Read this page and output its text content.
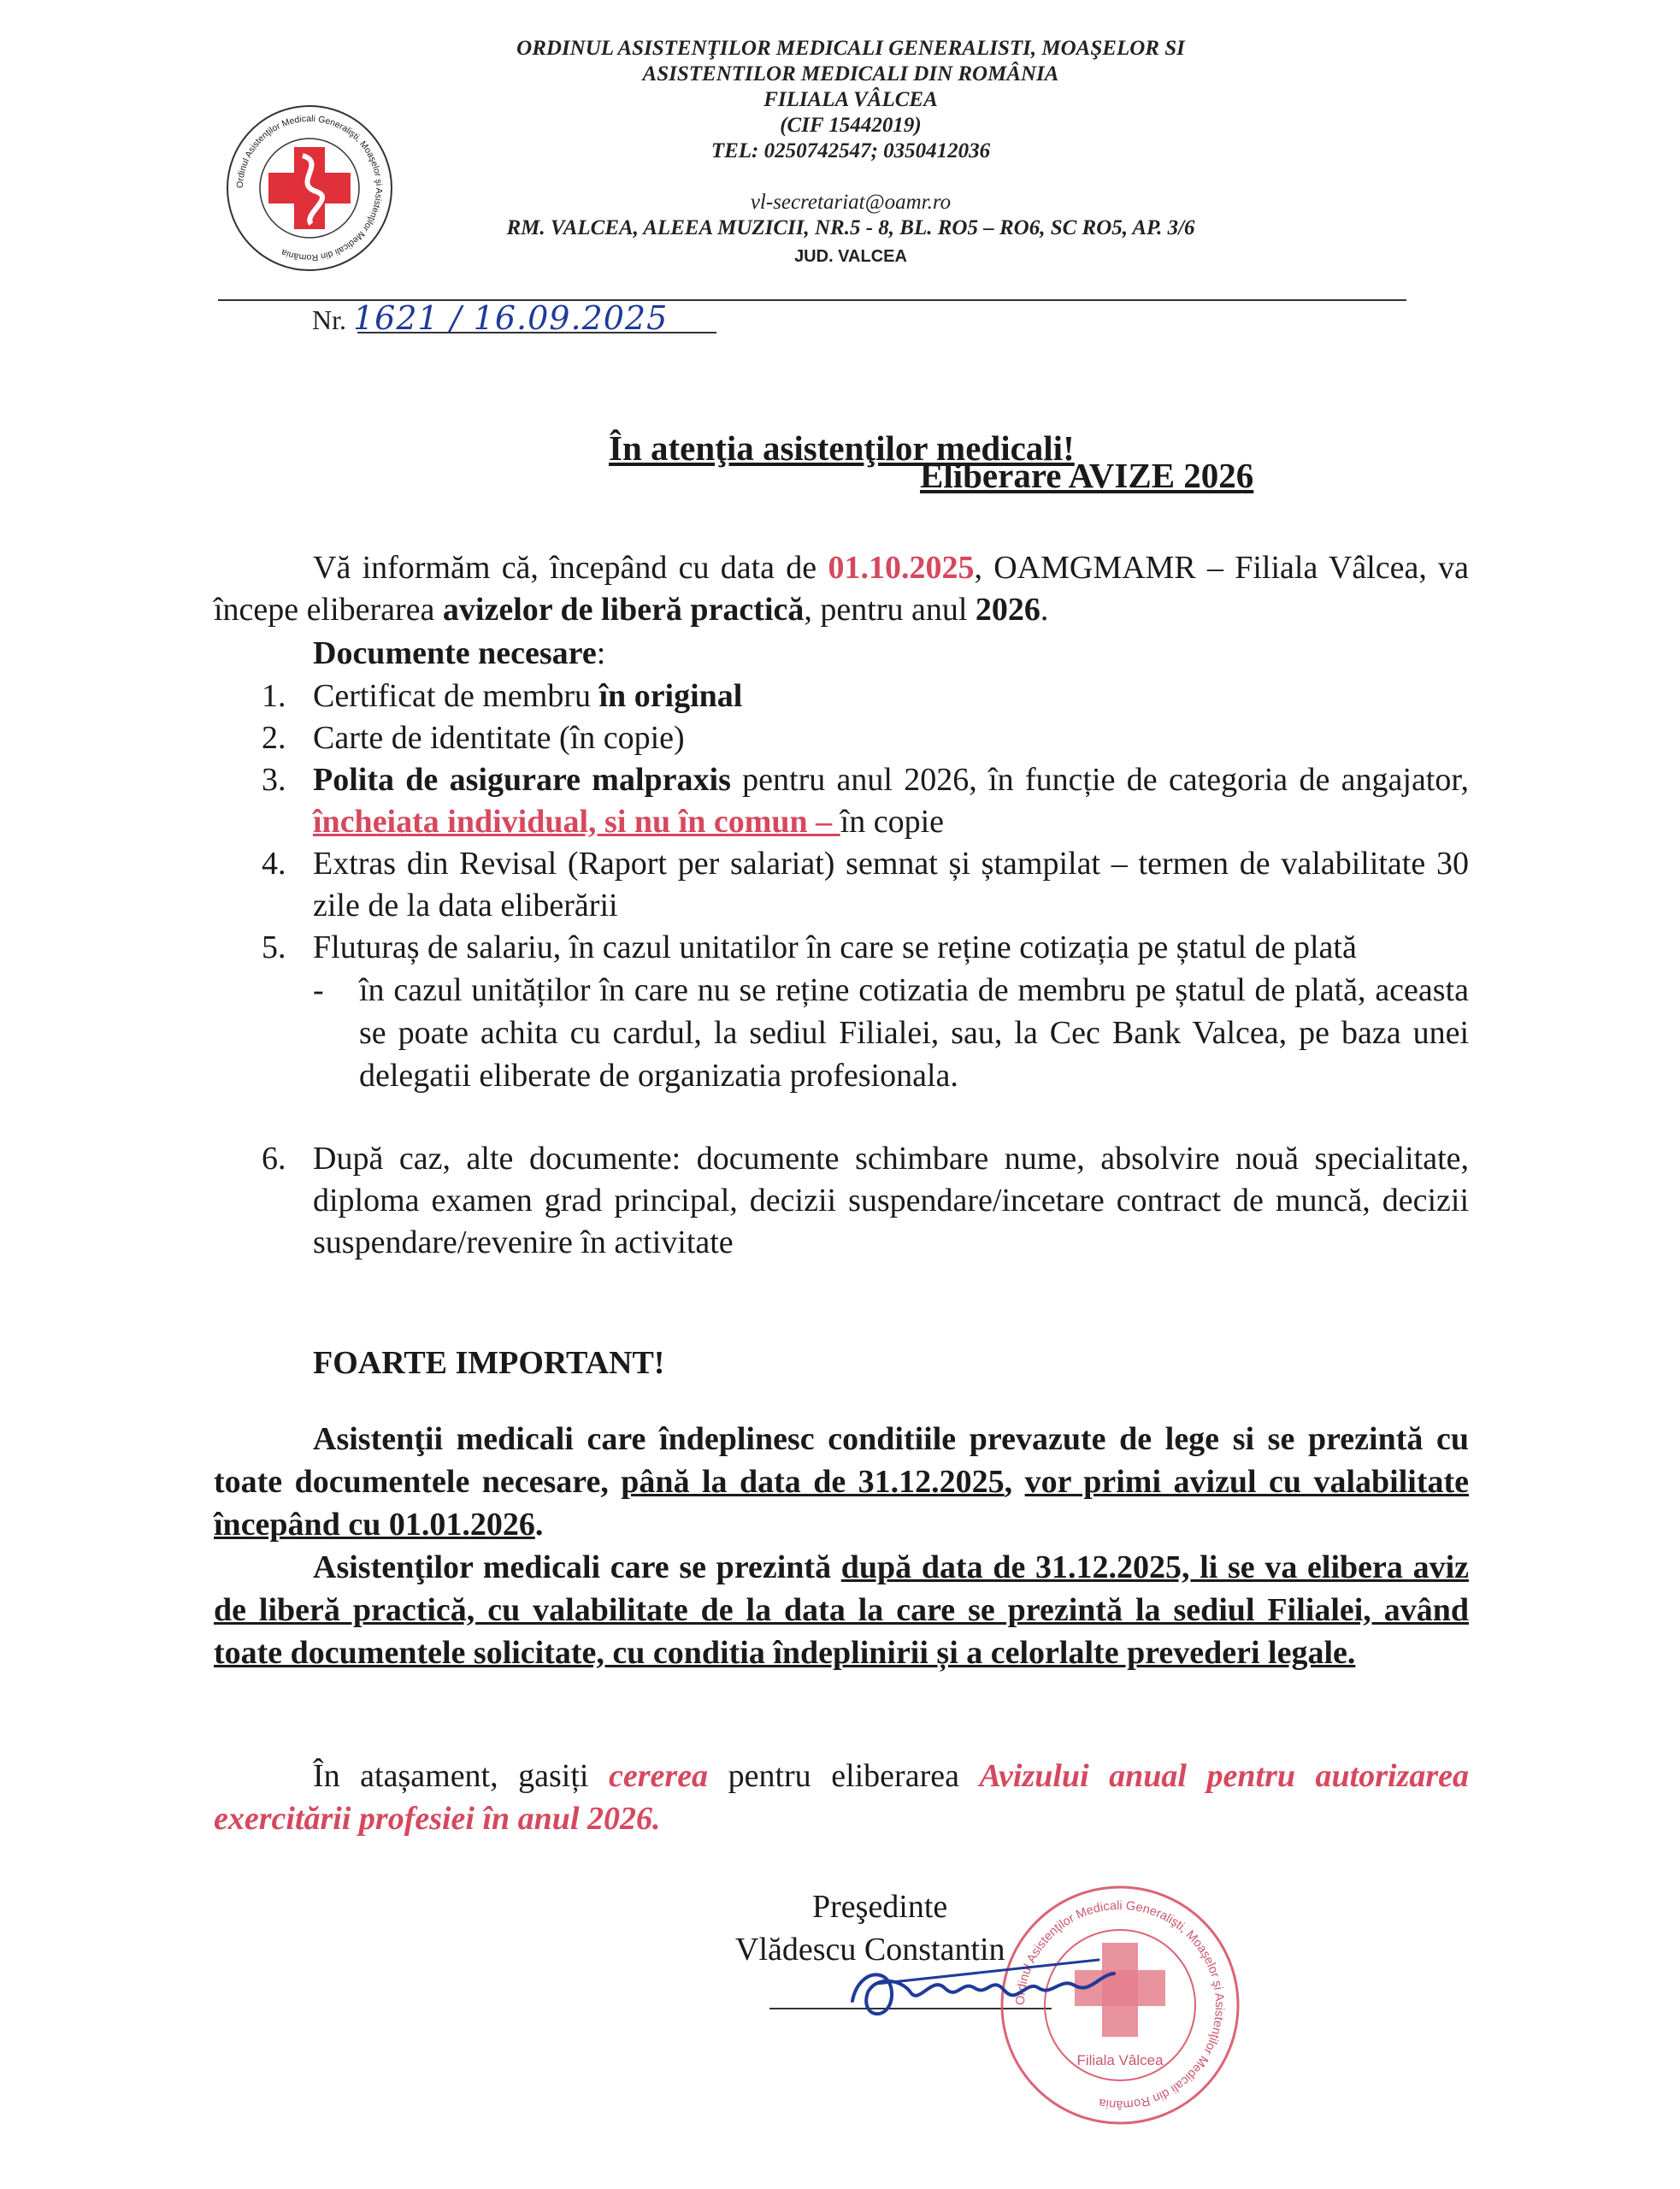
Ordinul Asistenţilor Medicali Generalişti, Moaşelor şi Asistenţilor Medicali din România
ORDINUL ASISTENŢILOR MEDICALI GENERALISTI, MOAŞELOR SI
ASISTENTILOR MEDICALI DIN ROMÂNIA
FILIALA VÂLCEA
(CIF 15442019)
TEL: 0250742547; 0350412036
vl-secretariat@oamr.ro
RM. VALCEA, ALEEA MUZICII, NR.5 - 8, BL. RO5 – RO6, SC RO5, AP. 3/6
JUD. VALCEA
Nr. 1621 / 16.09.2025
În atenţia asistenţilor medicali!
Eliberare AVIZE 2026
Vă informăm că, începând cu data de 01.10.2025, OAMGMAMR – Filiala Vâlcea, va începe eliberarea avizelor de liberă practică, pentru anul 2026.
Documente necesare:
1. Certificat de membru în original
2. Carte de identitate (în copie)
3. Polita de asigurare malpraxis pentru anul 2026, în funcție de categoria de angajator, încheiata individual, si nu în comun – în copie
4. Extras din Revisal (Raport per salariat) semnat și ștampilat – termen de valabilitate 30 zile de la data eliberării
5. Fluturaș de salariu, în cazul unitatilor în care se reține cotizația pe ștatul de plată
- în cazul unităților în care nu se reține cotizatia de membru pe ștatul de plată, aceasta se poate achita cu cardul, la sediul Filialei, sau, la Cec Bank Valcea, pe baza unei delegatii eliberate de organizatia profesionala.
6. După caz, alte documente: documente schimbare nume, absolvire nouă specialitate, diploma examen grad principal, decizii suspendare/incetare contract de muncă, decizii suspendare/revenire în activitate
FOARTE IMPORTANT!
Asistenţii medicali care îndeplinesc conditiile prevazute de lege si se prezintă cu toate documentele necesare, până la data de 31.12.2025, vor primi avizul cu valabilitate începând cu 01.01.2026.
Asistenţilor medicali care se prezintă după data de 31.12.2025, li se va elibera aviz de liberă practică, cu valabilitate de la data la care se prezintă la sediul Filialei, având toate documentele solicitate, cu conditia îndeplinirii și a celorlalte prevederi legale.
În atașament, gasiți cererea pentru eliberarea Avizului anual pentru autorizarea exercitării profesiei în anul 2026.
Preşedinte
Vlădescu Constantin
Ordinul Asistenţilor Medicali Generalişti, Moaşelor şi Asistenţilor Medicali din România
Filiala Vâlcea
